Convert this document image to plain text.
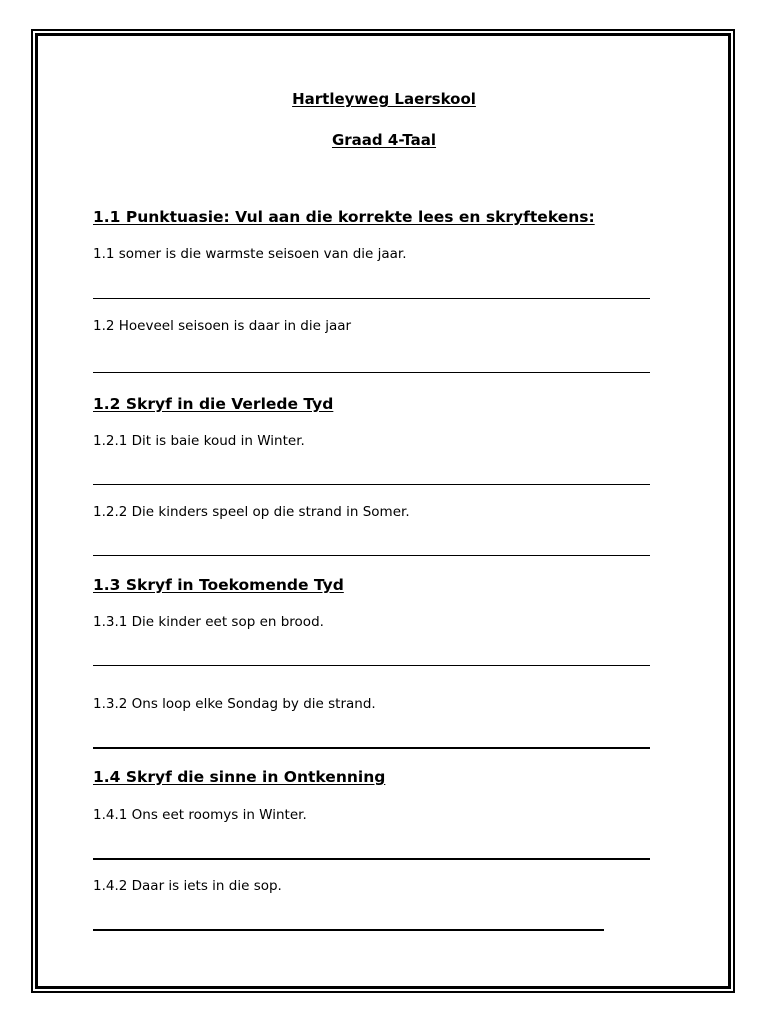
Hartleyweg Laerskool
Graad 4-Taal
1.1 Punktuasie: Vul aan die korrekte lees en skryftekens:
1.1 somer is die warmste seisoen van die jaar.
1.2 Hoeveel seisoen is daar in die jaar
1.2 Skryf in die Verlede Tyd
1.2.1 Dit is baie koud in Winter.
1.2.2 Die kinders speel op die strand in Somer.
1.3 Skryf in Toekomende Tyd
1.3.1 Die kinder eet sop en brood.
1.3.2 Ons loop elke Sondag by die strand.
1.4 Skryf die sinne in Ontkenning
1.4.1 Ons eet roomys in Winter.
1.4.2 Daar is iets in die sop.
